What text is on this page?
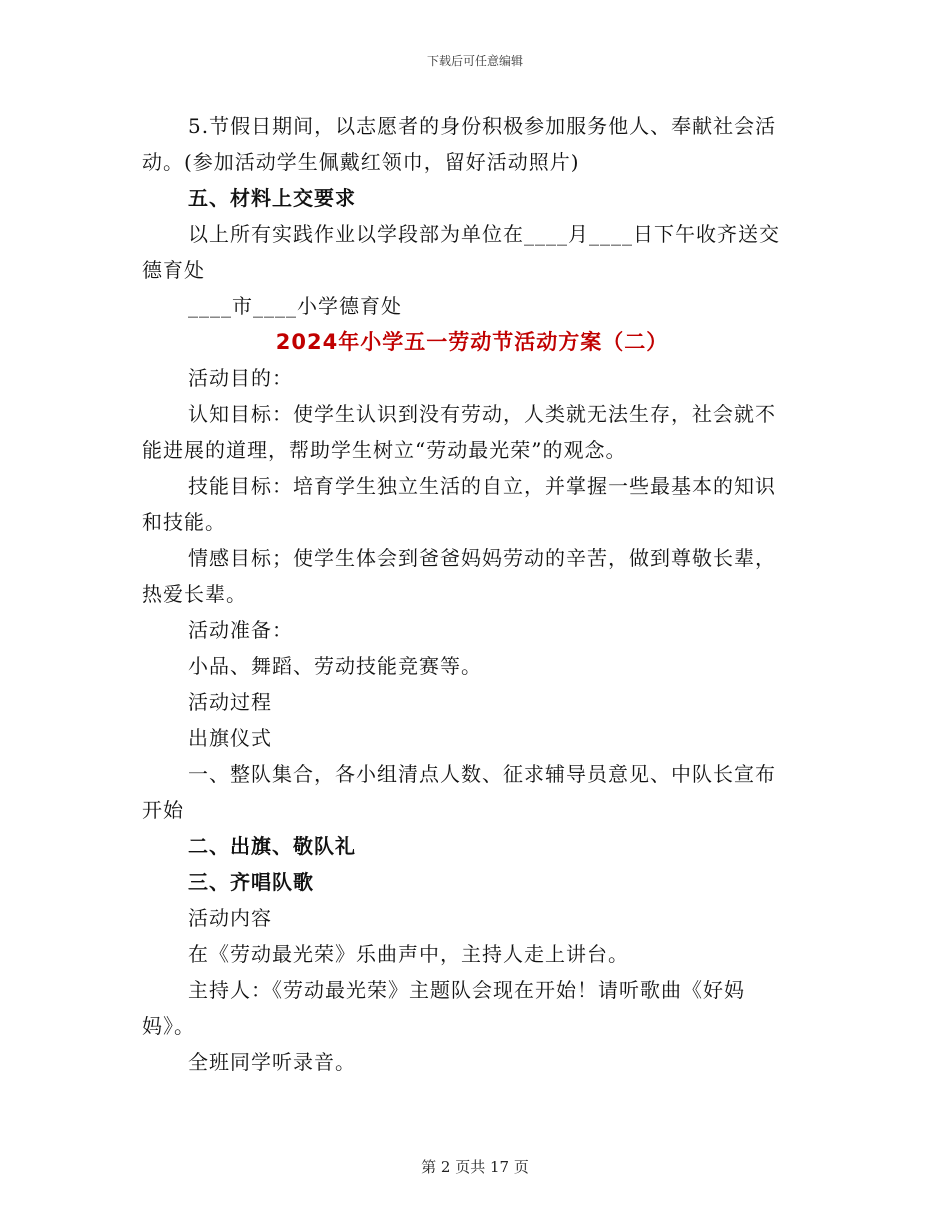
下载后可任意编辑
5.节假日期间，以志愿者的身份积极参加服务他人、奉献社会活
动。(参加活动学生佩戴红领巾，留好活动照片)
五、材料上交要求
以上所有实践作业以学段部为单位在____月____日下午收齐送交
德育处
____市____小学德育处
2024年小学五一劳动节活动方案（二）
活动目的：
认知目标：使学生认识到没有劳动，人类就无法生存，社会就不
能进展的道理，帮助学生树立“劳动最光荣”的观念。
技能目标：培育学生独立生活的自立，并掌握一些最基本的知识
和技能。
情感目标；使学生体会到爸爸妈妈劳动的辛苦，做到尊敬长辈，
热爱长辈。
活动准备：
小品、舞蹈、劳动技能竞赛等。
活动过程
出旗仪式
一、整队集合，各小组清点人数、征求辅导员意见、中队长宣布
开始
二、出旗、敬队礼
三、齐唱队歌
活动内容
在《劳动最光荣》乐曲声中，主持人走上讲台。
主持人：《劳动最光荣》主题队会现在开始！请听歌曲《好妈
妈》。
全班同学听录音。
第 2 页共 17 页
